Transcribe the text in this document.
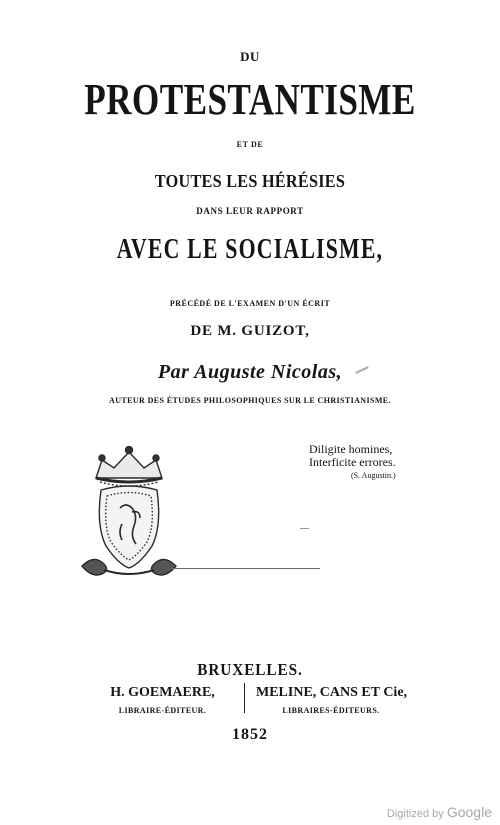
DU
PROTESTANTISME
ET DE
TOUTES LES HÉRÉSIES
DANS LEUR RAPPORT
AVEC LE SOCIALISME,
PRÉCÉDÉ DE L'EXAMEN D'UN ÉCRIT
DE M. GUIZOT,
Par Auguste Nicolas,
AUTEUR DES ÉTUDES PHILOSOPHIQUES SUR LE CHRISTIANISME.
Diligite homines,
Interficite errores.
(S. Augustin.)
BRUXELLES.
H. GOEMAERE,
LIBRAIRE-ÉDITEUR.
MELINE, CANS ET Cie,
LIBRAIRES-ÉDITEURS.
1852
Digitized by Google
